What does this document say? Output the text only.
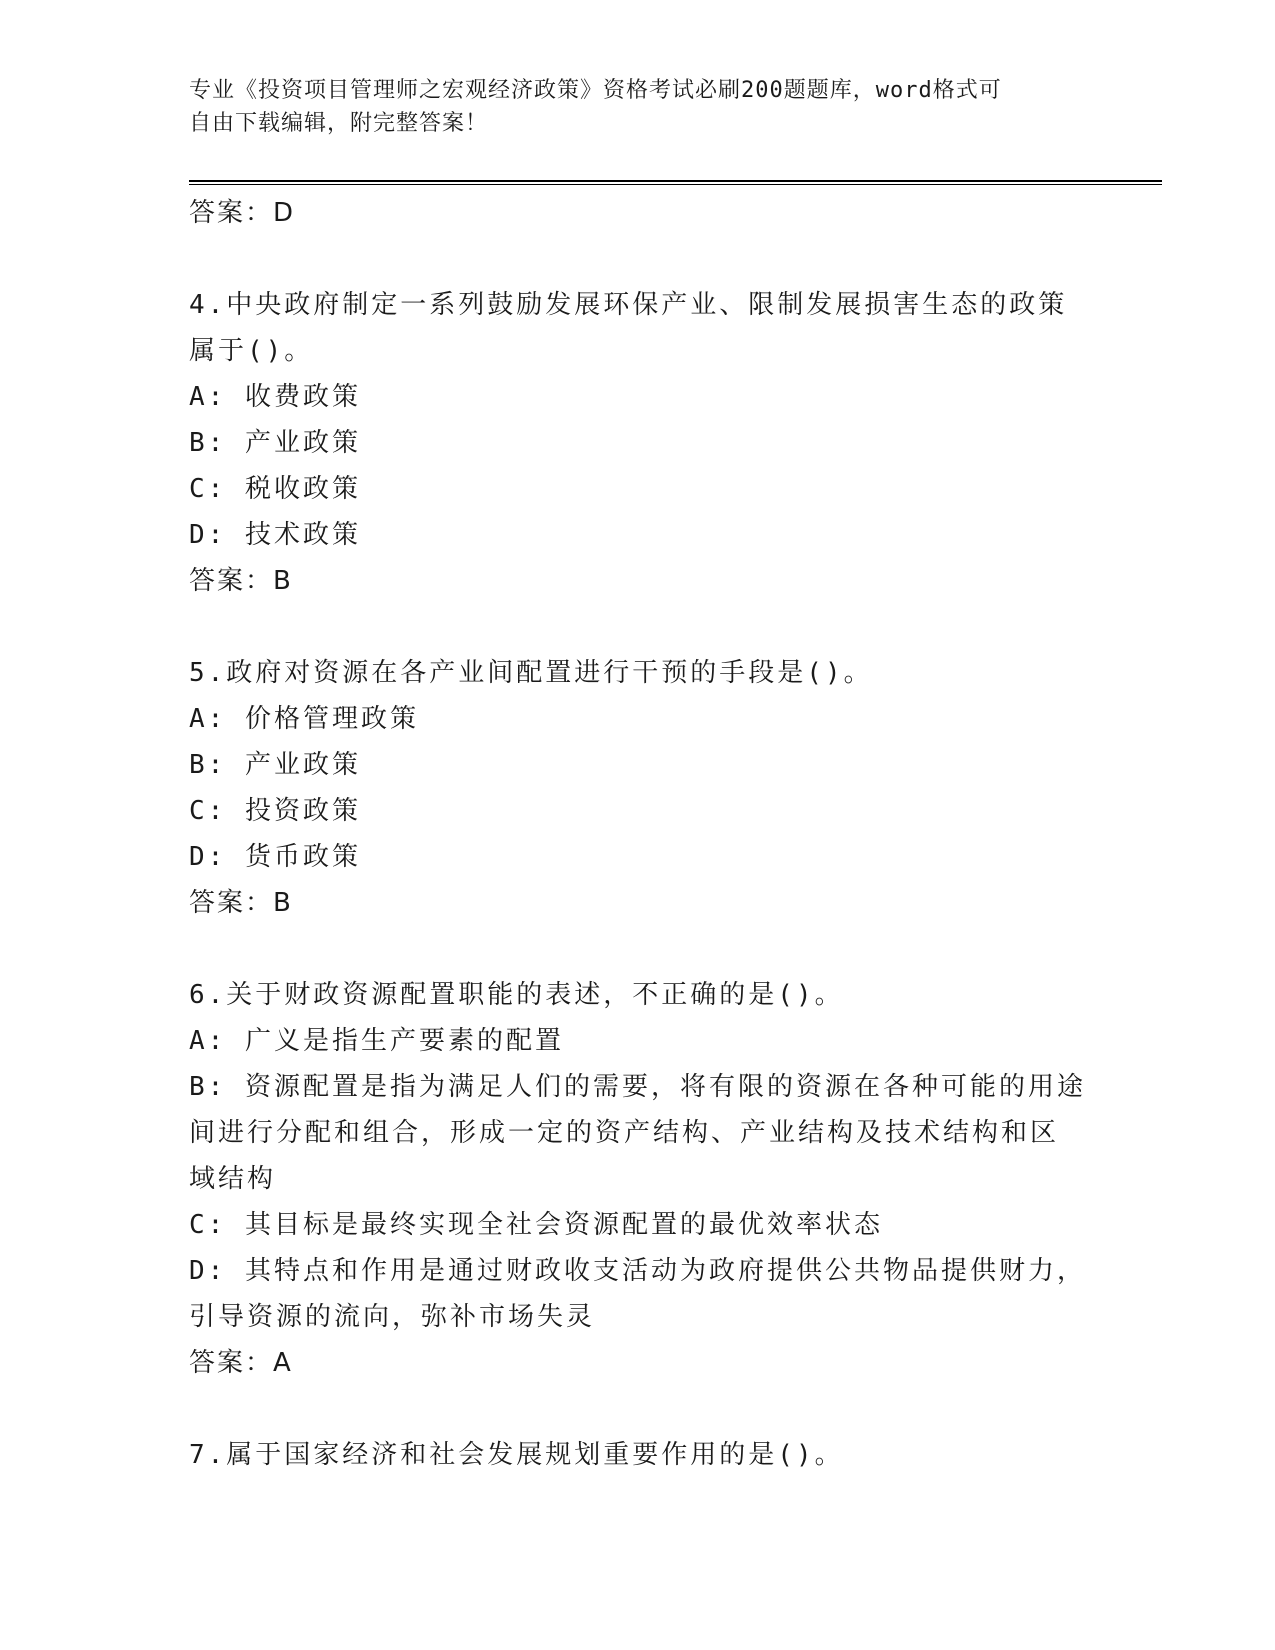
专业《投资项目管理师之宏观经济政策》资格考试必刷200题题库，word格式可
自由下载编辑，附完整答案！
答案：D
4.中央政府制定一系列鼓励发展环保产业、限制发展损害生态的政策
属于()。
A: 收费政策
B: 产业政策
C: 税收政策
D: 技术政策
答案：B
5.政府对资源在各产业间配置进行干预的手段是()。
A: 价格管理政策
B: 产业政策
C: 投资政策
D: 货币政策
答案：B
6.关于财政资源配置职能的表述，不正确的是()。
A: 广义是指生产要素的配置
B: 资源配置是指为满足人们的需要，将有限的资源在各种可能的用途
间进行分配和组合，形成一定的资产结构、产业结构及技术结构和区
域结构
C: 其目标是最终实现全社会资源配置的最优效率状态
D: 其特点和作用是通过财政收支活动为政府提供公共物品提供财力，
引导资源的流向，弥补市场失灵
答案：A
7.属于国家经济和社会发展规划重要作用的是()。
